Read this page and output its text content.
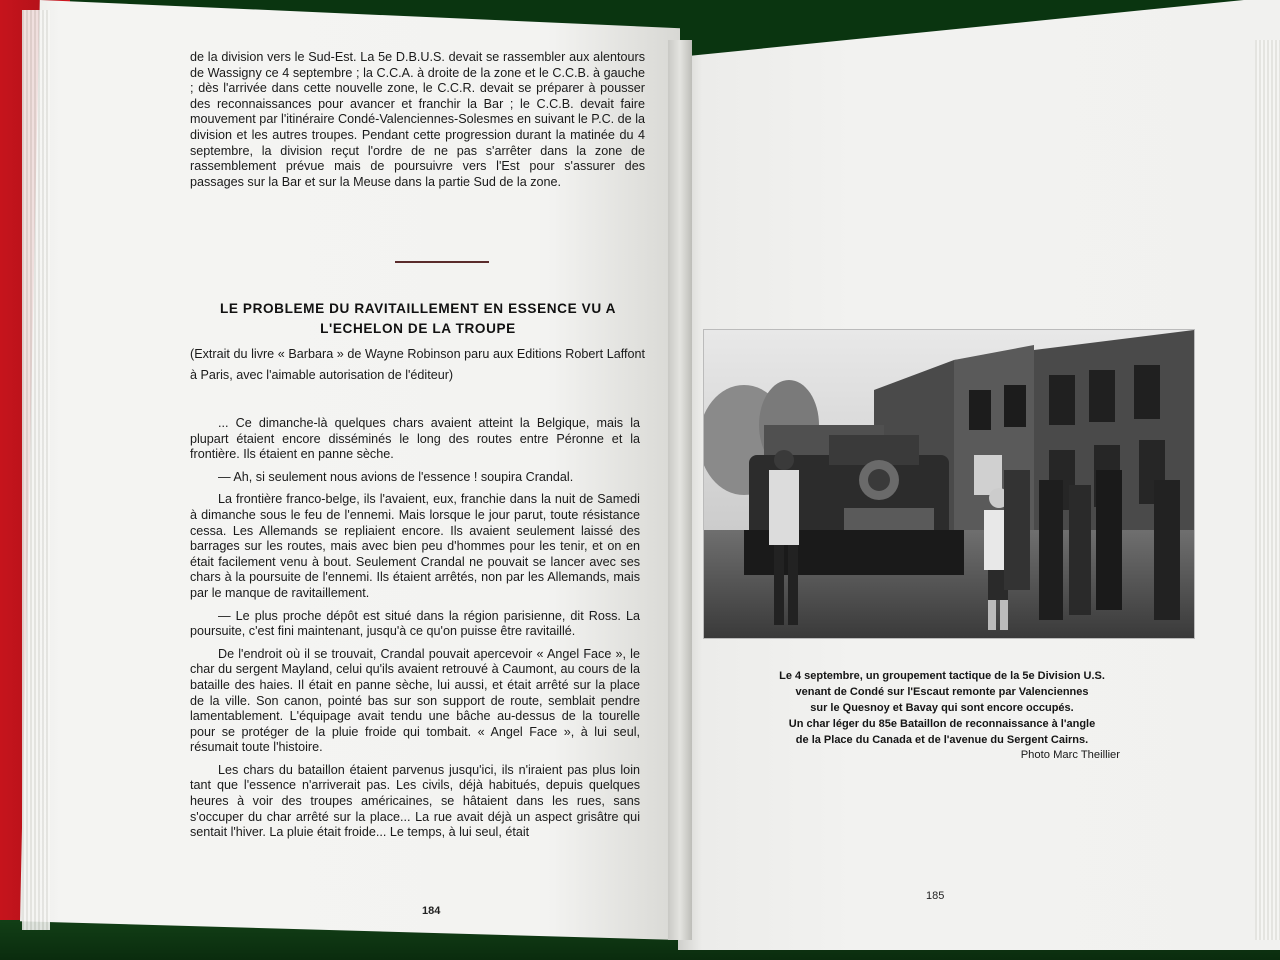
de la division vers le Sud-Est. La 5e D.B.U.S. devait se rassembler aux alentours de Wassigny ce 4 septembre ; la C.C.A. à droite de la zone et le C.C.B. à gauche ; dès l'arrivée dans cette nouvelle zone, le C.C.R. devait se préparer à pousser des reconnaissances pour avancer et franchir la Bar ; le C.C.B. devait faire mouvement par l'itinéraire Condé-Valenciennes-Solesmes en suivant le P.C. de la division et les autres troupes. Pendant cette progression durant la matinée du 4 septembre, la division reçut l'ordre de ne pas s'arrêter dans la zone de rassemblement prévue mais de poursuivre vers l'Est pour s'assurer des passages sur la Bar et sur la Meuse dans la partie Sud de la zone.

LE PROBLEME DU RAVITAILLEMENT EN ESSENCE VU A L'ECHELON DE LA TROUPE
(Extrait du livre « Barbara » de Wayne Robinson paru aux Editions Robert Laffont à Paris, avec l'aimable autorisation de l'éditeur)

... Ce dimanche-là quelques chars avaient atteint la Belgique, mais la plupart étaient encore disséminés le long des routes entre Péronne et la frontière. Ils étaient en panne sèche.

— Ah, si seulement nous avions de l'essence ! soupira Crandal.

La frontière franco-belge, ils l'avaient, eux, franchie dans la nuit de Samedi à dimanche sous le feu de l'ennemi. Mais lorsque le jour parut, toute résistance cessa. Les Allemands se repliaient encore. Ils avaient seulement laissé des barrages sur les routes, mais avec bien peu d'hommes pour les tenir, et on en était facilement venu à bout. Seulement Crandal ne pouvait se lancer avec ses chars à la poursuite de l'ennemi. Ils étaient arrêtés, non par les Allemands, mais par le manque de ravitaillement.

— Le plus proche dépôt est situé dans la région parisienne, dit Ross. La poursuite, c'est fini maintenant, jusqu'à ce qu'on puisse être ravitaillé.

De l'endroit où il se trouvait, Crandal pouvait apercevoir « Angel Face », le char du sergent Mayland, celui qu'ils avaient retrouvé à Caumont, au cours de la bataille des haies. Il était en panne sèche, lui aussi, et était arrêté sur la place de la ville. Son canon, pointé bas sur son support de route, semblait pendre lamentablement. L'équipage avait tendu une bâche au-dessus de la tourelle pour se protéger de la pluie froide qui tombait. « Angel Face », à lui seul, résumait toute l'histoire.

Les chars du bataillon étaient parvenus jusqu'ici, ils n'iraient pas plus loin tant que l'essence n'arriverait pas. Les civils, déjà habitués, depuis quelques heures à voir des troupes américaines, se hâtaient dans les rues, sans s'occuper du char arrêté sur la place... La rue avait déjà un aspect grisâtre qui sentait l'hiver. La pluie était froide... Le temps, à lui seul, était

184
Le 4 septembre, un groupement tactique de la 5e Division U.S.
venant de Condé sur l'Escaut remonte par Valenciennes
sur le Quesnoy et Bavay qui sont encore occupés.
Un char léger du 85e Bataillon de reconnaissance à l'angle
de la Place du Canada et de l'avenue du Sergent Cairns.
Photo Marc Theillier
185
